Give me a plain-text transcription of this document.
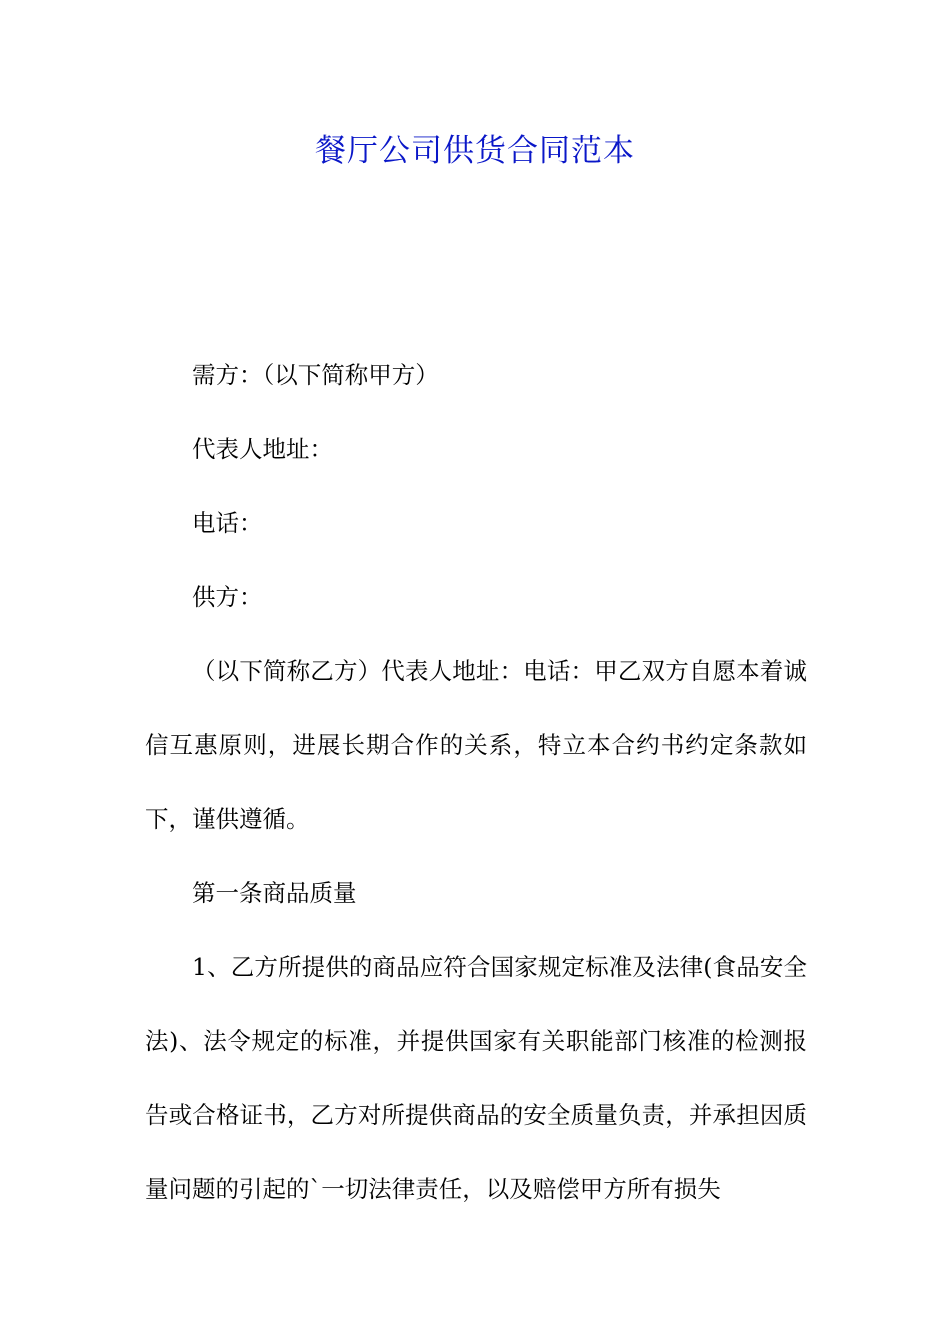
餐厅公司供货合同范本

需方：（以下简称甲方）

代表人地址：

电话：

供方：

（以下简称乙方）代表人地址：电话：甲乙双方自愿本着诚信互惠原则，进展长期合作的关系，特立本合约书约定条款如下，谨供遵循。

第一条商品质量

1、乙方所提供的商品应符合国家规定标准及法律(食品安全法)、法令规定的标准，并提供国家有关职能部门核准的检测报告或合格证书，乙方对所提供商品的安全质量负责，并承担因质量问题的引起的`一切法律责任，以及赔偿甲方所有损失
